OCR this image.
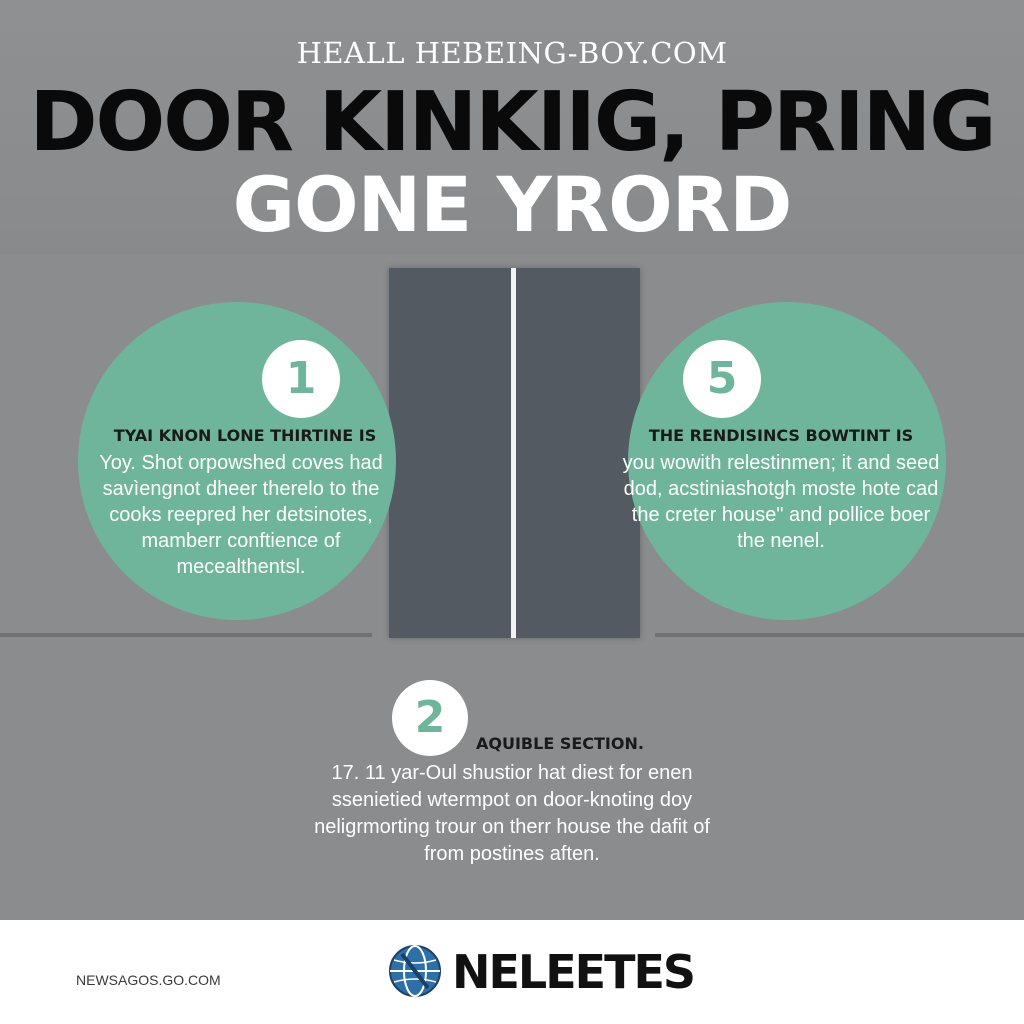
HEALL HEBEING-BOY.COM
DOOR KINKIIG, PRING
GONE YRORD
1
TYAI KNON LONE THIRTINE IS
Yoy. Shot orpowshed coves had savìengnot dheer therelo to the cooks reepred her detsinotes, mamberr conftience of mecealthentsl.
5
THE RENDISINCS BOWTINT IS
you wowith relestinmen; it and seed dod, acstiniashotgh moste hote cad the creter house" and pollice boer the nenel.
2
AQUIBLE SECTION.
17. 11 yar-Oul shustior hat diest for enen ssenietied wtermpot on door-knoting doy neligrmorting trour on therr house the dafit of from postines aften.
NEWSAGOS.GO.COM	NELEETES
